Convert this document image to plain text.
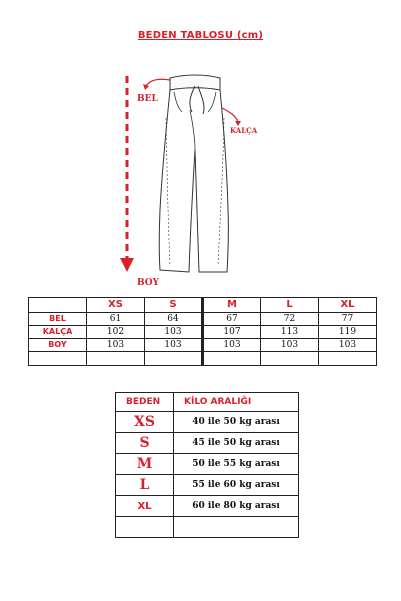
BEDEN TABLOSU (cm)
BEL
KALÇA
BOY
	XS	S	M	L	XL
BEL	61	64	67	72	77
KALÇA	102	103	107	113	119
BOY	103	103	103	103	103

BEDEN	KİLO ARALIĞI
XS	40 ile 50 kg arası
S	45 ile 50 kg arası
M	50 ile 55 kg arası
L	55 ile 60 kg arası
XL	60 ile 80 kg arası
